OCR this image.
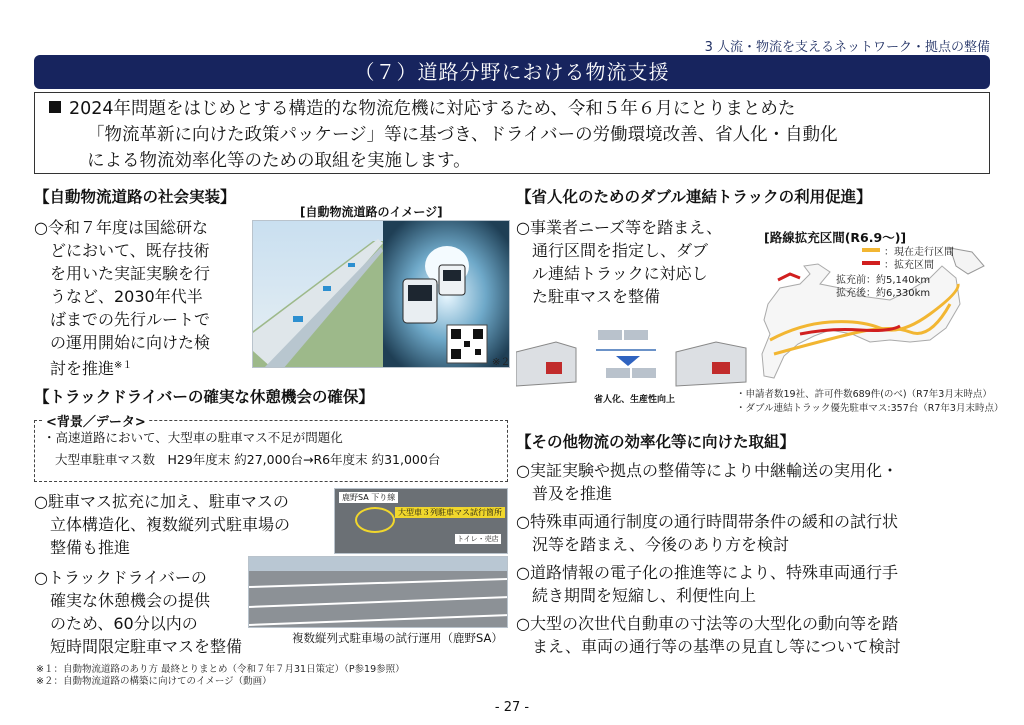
3 人流・物流を支えるネットワーク・拠点の整備
（７）道路分野における物流支援
2024年問題をはじめとする構造的な物流危機に対応するため、令和５年６月にとりまとめた
「物流革新に向けた政策パッケージ」等に基づき、ドライバーの労働環境改善、省人化・自動化
による物流効率化等のための取組を実施します。
【自動物流道路の社会実装】
○令和７年度は国総研な
どにおいて、既存技術
を用いた実証実験を行
うなど、2030年代半
ばまでの先行ルートで
の運用開始に向けた検
討を推進$^{※1}$
[自動物流道路のイメージ]
※２
【トラックドライバーの確実な休憩機会の確保】
<背景／データ>
・高速道路において、大型車の駐車マス不足が問題化
大型車駐車マス数　H29年度末 約27,000台→R6年度末 約31,000台
○駐車マス拡充に加え、駐車マスの
立体構造化、複数縦列式駐車場の
整備も推進
○トラックドライバーの
確実な休憩機会の提供
のため、60分以内の
短時間限定駐車マスを整備
鹿野SA 下り線
大型車３列駐車マス試行箇所
トイレ・売店
複数縦列式駐車場の試行運用（鹿野SA）
【省人化のためのダブル連結トラックの利用促進】
○事業者ニーズ等を踏まえ、
通行区間を指定し、ダブ
ル連結トラックに対応し
た駐車マスを整備
[路線拡充区間(R6.9〜)]
：現在走行区間
：拡充区間
拡充前：約5,140km
拡充後：約6,330km
省人化、生産性向上	・申請者数19社、許可件数689件(のべ)（R7年3月末時点）
・ダブル連結トラック優先駐車マス:357台（R7年3月末時点）
【その他物流の効率化等に向けた取組】
○実証実験や拠点の整備等により中継輸送の実用化・
普及を推進
○特殊車両通行制度の通行時間帯条件の緩和の試行状
況等を踏まえ、今後のあり方を検討
○道路情報の電子化の推進等により、特殊車両通行手
続き期間を短縮し、利便性向上
○大型の次世代自動車の寸法等の大型化の動向等を踏
まえ、車両の通行等の基準の見直し等について検討
※１：自動物流道路のあり方 最終とりまとめ（令和７年７月31日策定）（P参19参照）
※２：自動物流道路の構築に向けてのイメージ（動画）
- 27 -
